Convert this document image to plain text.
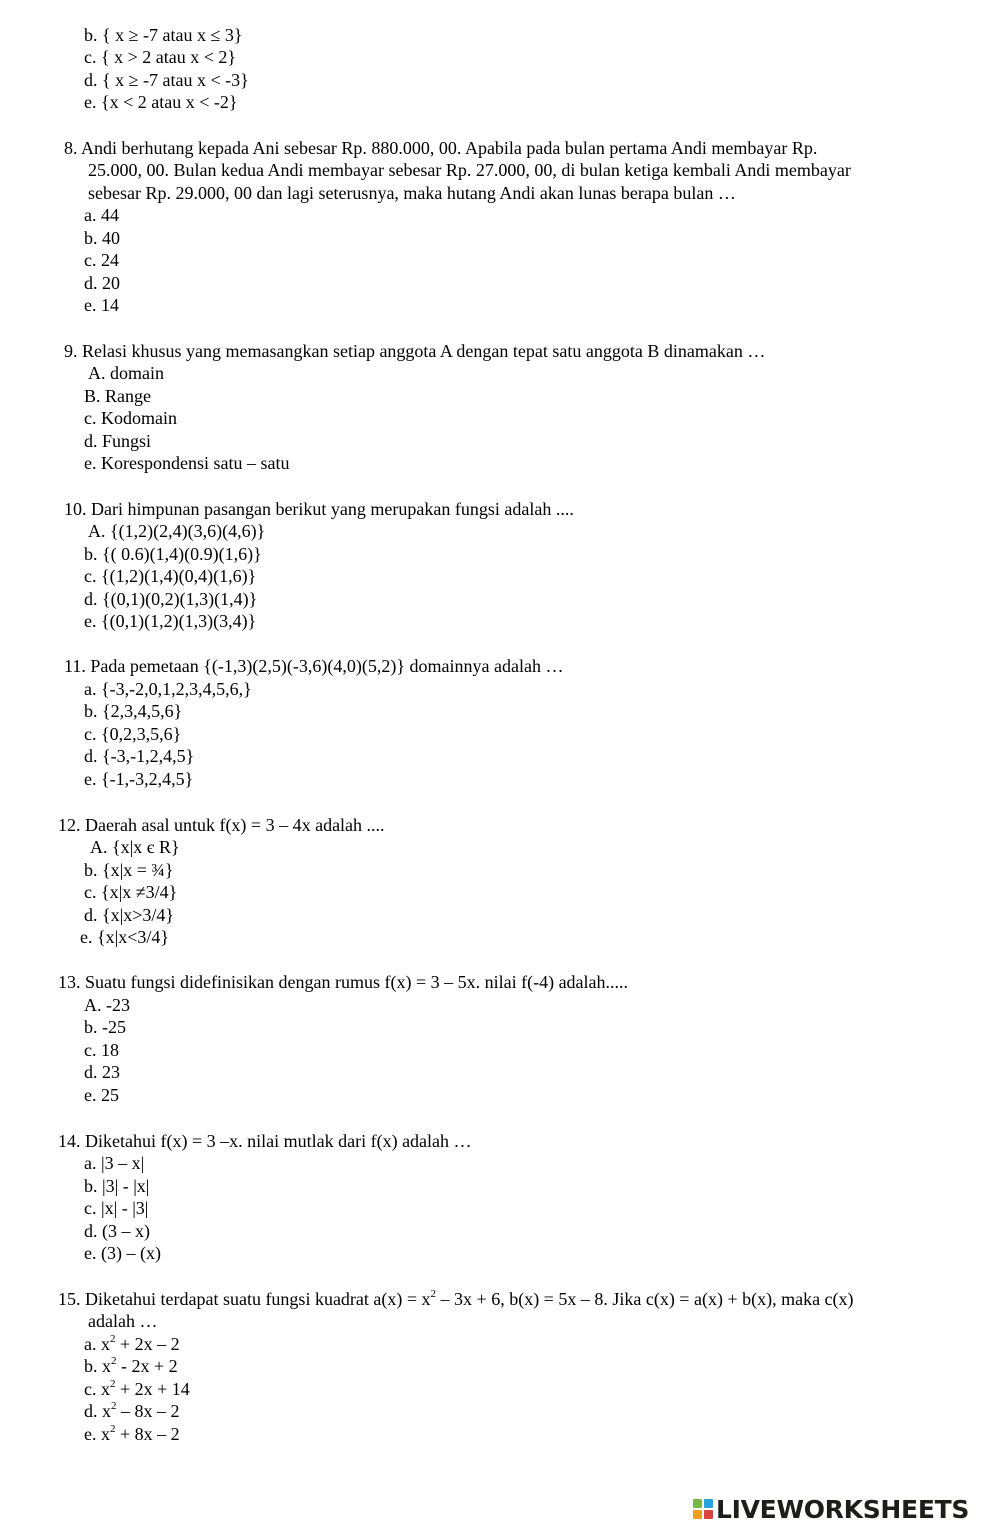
b. { x ≥ -7 atau x ≤ 3}
c. { x > 2 atau x < 2}
d. { x ≥ -7 atau x < -3}
e. {x < 2 atau x < -2}
8. Andi berhutang kepada Ani sebesar Rp. 880.000, 00. Apabila pada bulan pertama Andi membayar Rp.
25.000, 00. Bulan kedua Andi membayar sebesar Rp. 27.000, 00, di bulan ketiga kembali Andi membayar
sebesar Rp. 29.000, 00 dan lagi seterusnya, maka hutang Andi akan lunas berapa bulan …
a. 44
b. 40
c. 24
d. 20
e. 14
9. Relasi khusus yang memasangkan setiap anggota A dengan tepat satu anggota B dinamakan …
A. domain
B. Range
c. Kodomain
d. Fungsi
e. Korespondensi satu – satu
10. Dari himpunan pasangan berikut yang merupakan fungsi adalah ....
A. {(1,2)(2,4)(3,6)(4,6)}
b. {( 0.6)(1,4)(0.9)(1,6)}
c. {(1,2)(1,4)(0,4)(1,6)}
d. {(0,1)(0,2)(1,3)(1,4)}
e. {(0,1)(1,2)(1,3)(3,4)}
11. Pada pemetaan {(-1,3)(2,5)(-3,6)(4,0)(5,2)} domainnya adalah …
a. {-3,-2,0,1,2,3,4,5,6,}
b. {2,3,4,5,6}
c. {0,2,3,5,6}
d. {-3,-1,2,4,5}
e. {-1,-3,2,4,5}
12. Daerah asal untuk f(x) = 3 – 4x adalah ....
A. {x|x є R}
b. {x|x = ¾}
c. {x|x ≠3/4}
d. {x|x>3/4}
e. {x|x<3/4}
13. Suatu fungsi didefinisikan dengan rumus f(x) = 3 – 5x. nilai f(-4) adalah.....
A. -23
b. -25
c. 18
d. 23
e. 25
14. Diketahui f(x) = 3 –x. nilai mutlak dari f(x) adalah …
a. |3 – x|
b. |3| - |x|
c. |x| - |3|
d. (3 – x)
e. (3) – (x)
15. Diketahui terdapat suatu fungsi kuadrat $a(x) = x^2 - 3x + 6$, b(x) = 5x – 8. Jika c(x) = a(x) + b(x), maka c(x)
adalah …
a. $x^2 + 2x - 2$
b. $x^2 - 2x + 2$
c. $x^2 + 2x + 14$
d. $x^2 - 8x - 2$
e. $x^2 + 8x - 2$
LIVEWORKSHEETS
